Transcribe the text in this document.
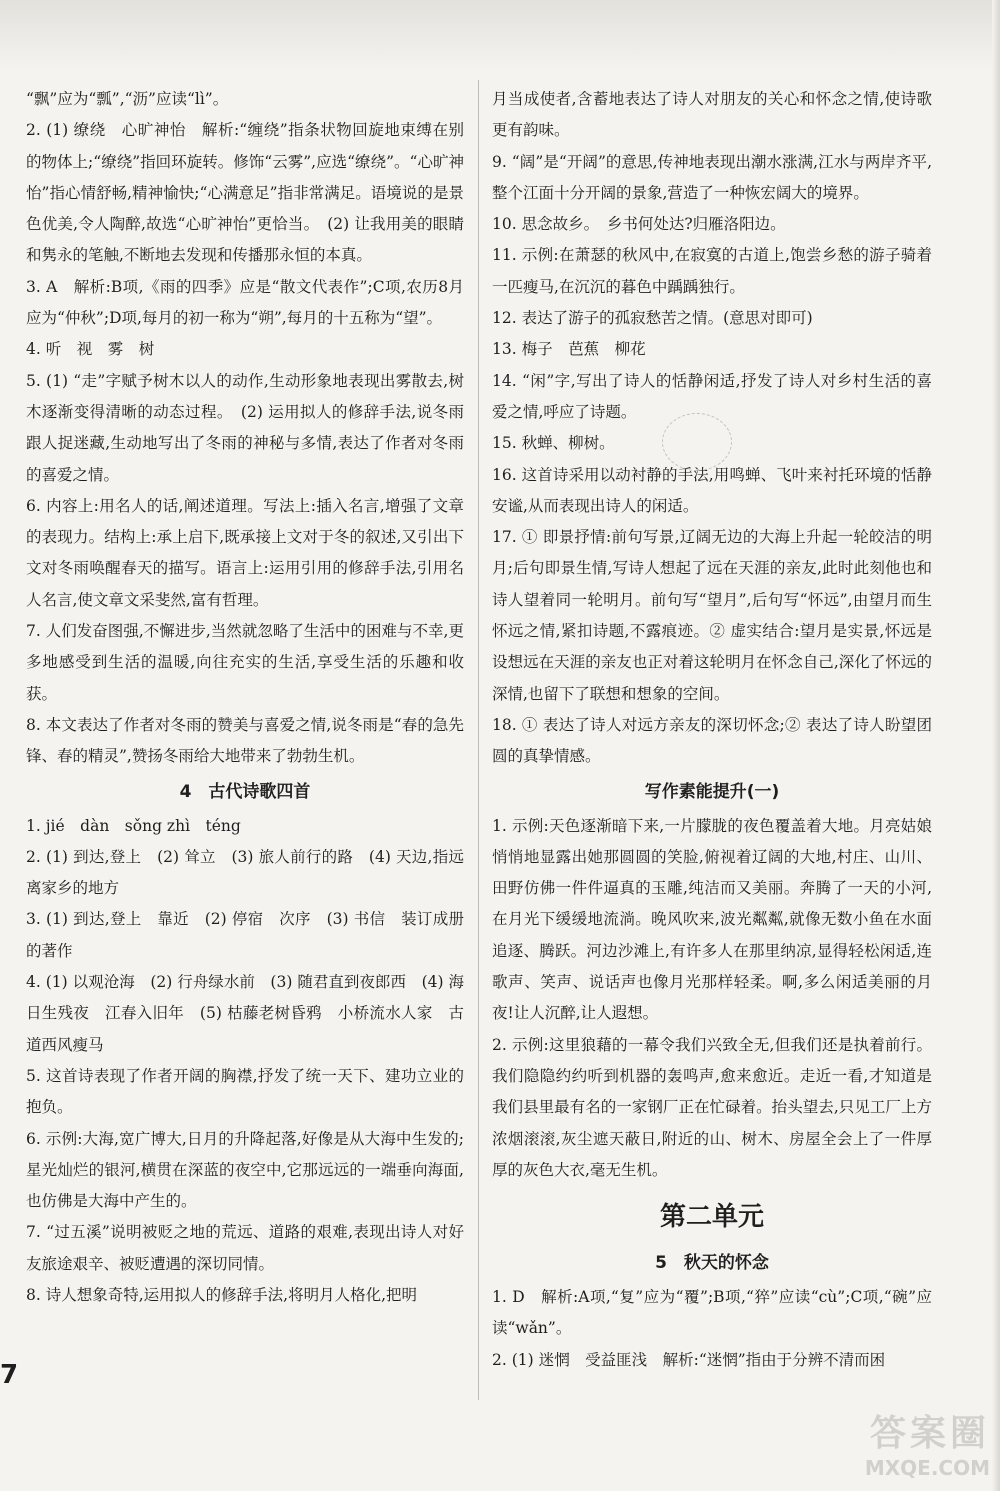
“飘”应为“瓢”,“沥”应读“lì”。
2. (1) 缭绕　心旷神怡　解析:“缠绕”指条状物回旋地束缚在别的物体上;“缭绕”指回环旋转。修饰“云雾”,应选“缭绕”。“心旷神怡”指心情舒畅,精神愉快;“心满意足”指非常满足。语境说的是景色优美,令人陶醉,故选“心旷神怡”更恰当。　(2) 让我用美的眼睛和隽永的笔触,不断地去发现和传播那永恒的本真。
3. A　解析:B项,《雨的四季》应是“散文代表作”;C项,农历8月应为“仲秋”;D项,每月的初一称为“朔”,每月的十五称为“望”。
4. 听　视　雾　树
5. (1) “走”字赋予树木以人的动作,生动形象地表现出雾散去,树木逐渐变得清晰的动态过程。　(2) 运用拟人的修辞手法,说冬雨跟人捉迷藏,生动地写出了冬雨的神秘与多情,表达了作者对冬雨的喜爱之情。
6. 内容上:用名人的话,阐述道理。写法上:插入名言,增强了文章的表现力。结构上:承上启下,既承接上文对于冬的叙述,又引出下文对冬雨唤醒春天的描写。语言上:运用引用的修辞手法,引用名人名言,使文章文采斐然,富有哲理。
7. 人们发奋图强,不懈进步,当然就忽略了生活中的困难与不幸,更多地感受到生活的温暖,向往充实的生活,享受生活的乐趣和收获。
8. 本文表达了作者对冬雨的赞美与喜爱之情,说冬雨是“春的急先锋、春的精灵”,赞扬冬雨给大地带来了勃勃生机。
4　古代诗歌四首
1. jié　dàn　sǒng zhì　téng
2. (1) 到达,登上　(2) 耸立　(3) 旅人前行的路　(4) 天边,指远离家乡的地方
3. (1) 到达,登上　靠近　(2) 停宿　次序　(3) 书信　装订成册的著作
4. (1) 以观沧海　(2) 行舟绿水前　(3) 随君直到夜郎西　(4) 海日生残夜　江春入旧年　(5) 枯藤老树昏鸦　小桥流水人家　古道西风瘦马
5. 这首诗表现了作者开阔的胸襟,抒发了统一天下、建功立业的抱负。
6. 示例:大海,宽广博大,日月的升降起落,好像是从大海中生发的;星光灿烂的银河,横贯在深蓝的夜空中,它那远远的一端垂向海面,也仿佛是大海中产生的。
7. “过五溪”说明被贬之地的荒远、道路的艰难,表现出诗人对好友旅途艰辛、被贬遭遇的深切同情。
8. 诗人想象奇特,运用拟人的修辞手法,将明月人格化,把明
月当成使者,含蓄地表达了诗人对朋友的关心和怀念之情,使诗歌更有韵味。
9. “阔”是“开阔”的意思,传神地表现出潮水涨满,江水与两岸齐平,整个江面十分开阔的景象,营造了一种恢宏阔大的境界。
10. 思念故乡。　乡书何处达?归雁洛阳边。
11. 示例:在萧瑟的秋风中,在寂寞的古道上,饱尝乡愁的游子骑着一匹瘦马,在沉沉的暮色中踽踽独行。
12. 表达了游子的孤寂愁苦之情。(意思对即可)
13. 梅子　芭蕉　柳花
14. “闲”字,写出了诗人的恬静闲适,抒发了诗人对乡村生活的喜爱之情,呼应了诗题。
15. 秋蝉、柳树。
16. 这首诗采用以动衬静的手法,用鸣蝉、飞叶来衬托环境的恬静安谧,从而表现出诗人的闲适。
17. ① 即景抒情:前句写景,辽阔无边的大海上升起一轮皎洁的明月;后句即景生情,写诗人想起了远在天涯的亲友,此时此刻他也和诗人望着同一轮明月。前句写“望月”,后句写“怀远”,由望月而生怀远之情,紧扣诗题,不露痕迹。② 虚实结合:望月是实景,怀远是设想远在天涯的亲友也正对着这轮明月在怀念自己,深化了怀远的深情,也留下了联想和想象的空间。
18. ① 表达了诗人对远方亲友的深切怀念;② 表达了诗人盼望团圆的真挚情感。
写作素能提升(一)
1. 示例:天色逐渐暗下来,一片朦胧的夜色覆盖着大地。月亮姑娘悄悄地显露出她那圆圆的笑脸,俯视着辽阔的大地,村庄、山川、田野仿佛一件件逼真的玉雕,纯洁而又美丽。奔腾了一天的小河,在月光下缓缓地流淌。晚风吹来,波光粼粼,就像无数小鱼在水面追逐、腾跃。河边沙滩上,有许多人在那里纳凉,显得轻松闲适,连歌声、笑声、说话声也像月光那样轻柔。啊,多么闲适美丽的月夜!让人沉醉,让人遐想。
2. 示例:这里狼藉的一幕令我们兴致全无,但我们还是执着前行。我们隐隐约约听到机器的轰鸣声,愈来愈近。走近一看,才知道是我们县里最有名的一家钢厂正在忙碌着。抬头望去,只见工厂上方浓烟滚滚,灰尘遮天蔽日,附近的山、树木、房屋全会上了一件厚厚的灰色大衣,毫无生机。
第二单元
5　秋天的怀念
1. D　解析:A项,“复”应为“覆”;B项,“猝”应读“cù”;C项,“碗”应读“wǎn”。
2. (1) 迷惘　受益匪浅　解析:“迷惘”指由于分辨不清而困
7
答案圈
MXQE.COM
